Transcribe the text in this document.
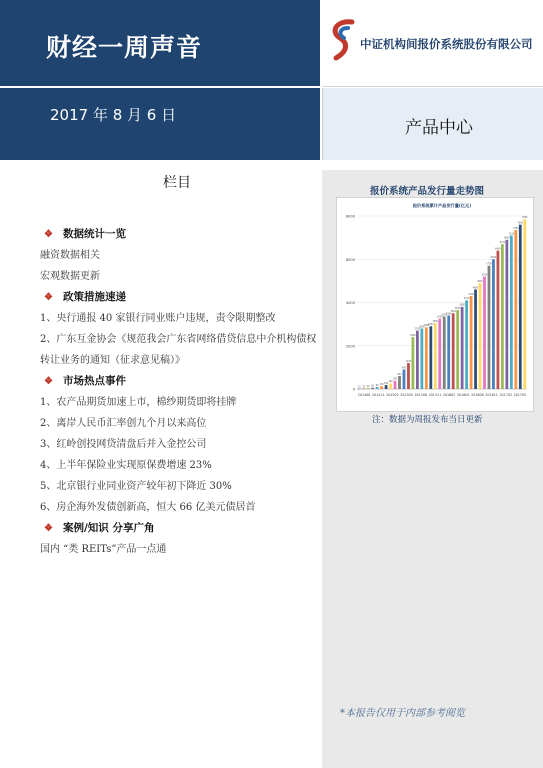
财经一周声音	中证机构间报价系统股份有限公司
2017 年 8 月 6 日
产品中心
栏目
❖ 数据统计一览
融资数据相关
宏观数据更新
❖ 政策措施速递
1、央行通报 40 家银行同业账户违规，责令限期整改
2、广东互金协会《规范我会广东省网络借贷信息中介机构债权转让业务的通知（征求意见稿）》
❖ 市场热点事件
1、农产品期货加速上市，棉纱期货即将挂牌
2、离岸人民币汇率创九个月以来高位
3、红岭创投网贷清盘后并入金控公司
4、上半年保险业实现原保费增速 23%
5、北京银行业同业资产较年初下降近 30%
6、房企海外发债创新高，恒大 66 亿美元债居首
❖ 案例/知识 分享广角
国内 “类 REITs”产品一点通
报价系统产品发行量走势图
报价系统累计产品发行量(亿元)
0
2000
4000
6000
8000
10 20 40 60 90 130 180
260
380
600
900
1200
2400
2700
2800
2850
2900
3050
3250
3350
3400
3500
3650
3800
4100
4300
4600
4900
5200
5700
6000
6400
6700
6900
7100
7350
7600
7850
201408 201411 201502 201505 201508 201511 201602 201605 201608 201611 201702 201705
注：数据为周报发布当日更新
*本报告仅用于内部参考阅览
